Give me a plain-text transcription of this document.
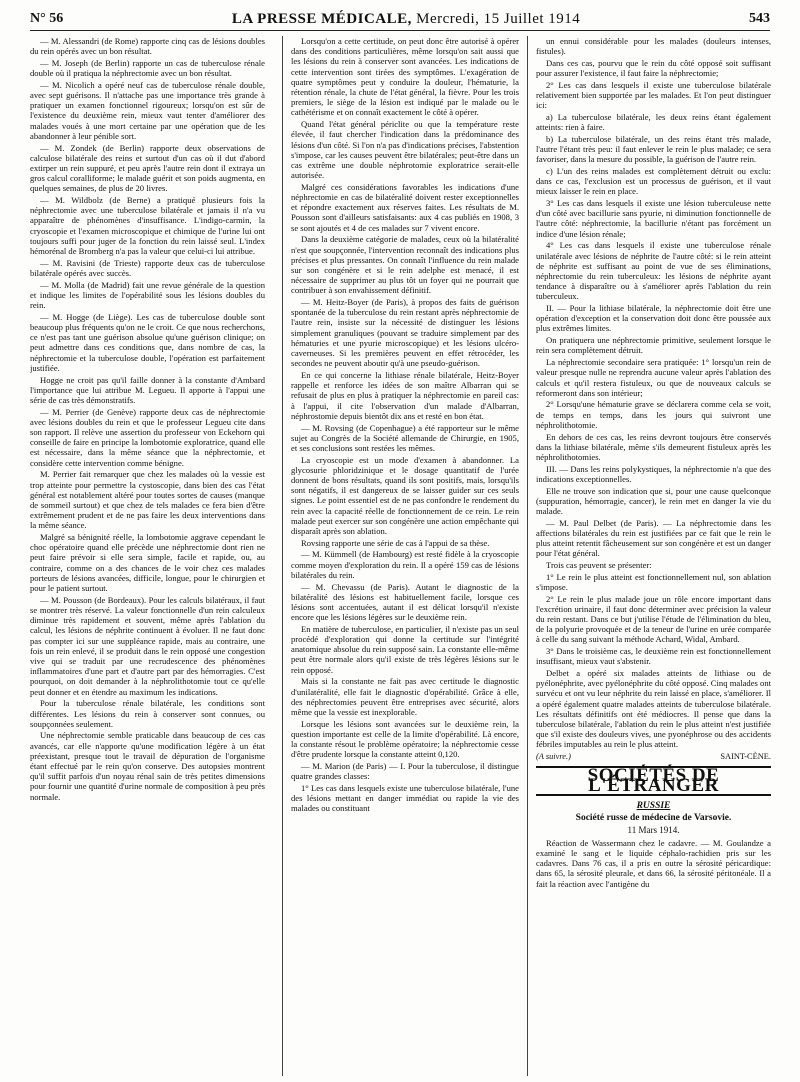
N° 56	LA PRESSE MÉDICALE, Mercredi, 15 Juillet 1914	543

— M. Alessandri (de Rome) rapporte cinq cas de lésions doubles du rein opérés avec un bon résultat.

— M. Joseph (de Berlin) rapporte un cas de tuberculose rénale double où il pratiqua la néphrectomie avec un bon résultat.

— M. Nicolich a opéré neuf cas de tuberculose rénale double, avec sept guérisons. Il n'attache pas une importance très grande à pratiquer un examen fonctionnel rigoureux; lorsqu'on est sûr de l'existence du deuxième rein, mieux vaut tenter d'améliorer des malades voués à une mort certaine par une opération que de les abandonner à leur pénible sort.

— M. Zondek (de Berlin) rapporte deux observations de calculose bilatérale des reins et surtout d'un cas où il dut d'abord extirper un rein suppuré, et peu après l'autre rein dont il extraya un gros calcul coralliforme; le malade guérit et son poids augmenta, en quelques semaines, de plus de 20 livres.

— M. Wildbolz (de Berne) a pratiqué plusieurs fois la néphrectomie avec une tuberculose bilatérale et jamais il n'a vu apparaître de phénomènes d'insuffisance. L'indigo-carmin, la cryoscopie et l'examen microscopique et chimique de l'urine lui ont toujours suffi pour juger de la fonction du rein laissé seul. L'index hémorénal de Bromberg n'a pas la valeur que celui-ci lui attribue.

— M. Ravisini (de Trieste) rapporte deux cas de tuberculose bilatérale opérés avec succès.

— M. Molla (de Madrid) fait une revue générale de la question et indique les limites de l'opérabilité sous les lésions doubles du rein.

— M. Hogge (de Liège). Les cas de tuberculose double sont beaucoup plus fréquents qu'on ne le croit. Ce que nous recherchons, ce n'est pas tant une guérison absolue qu'une guérison clinique; on peut admettre dans ces conditions que, dans nombre de cas, la néphrectomie et la tuberculose double, l'opération est parfaitement justifiée.

Hogge ne croit pas qu'il faille donner à la constante d'Ambard l'importance que lui attribue M. Legueu. Il apporte à l'appui une série de cas très démonstratifs.

— M. Perrier (de Genève) rapporte deux cas de néphrectomie avec lésions doubles du rein et que le professeur Legueu cite dans son rapport. Il relève une assertion du professeur von Eckehorn qui conseille de faire en principe la lombotomie exploratrice, quand elle est nécessaire, dans la même séance que la néphrectomie, et considère cette intervention comme bénigne.

M. Perrier fait remarquer que chez les malades où la vessie est trop atteinte pour permettre la cystoscopie, dans bien des cas l'état général est notablement altéré pour toutes sortes de causes (manque de sommeil surtout) et que chez de tels malades ce fera bien d'être extrêmement prudent et de ne pas faire les deux interventions dans la même séance.

Malgré sa bénignité réelle, la lombotomie aggrave cependant le choc opératoire quand elle précède une néphrectomie dont rien ne peut faire prévoir si elle sera simple, facile et rapide, ou, au contraire, comme on a des chances de le voir chez ces malades porteurs de lésions avancées, difficile, longue, pour le chirurgien et pour le patient surtout.

— M. Pousson (de Bordeaux). Pour les calculs bilatéraux, il faut se montrer très réservé. La valeur fonctionnelle d'un rein calculeux diminue très rapidement et souvent, même après l'ablation du calcul, les lésions de néphrite continuent à évoluer. Il ne faut donc pas compter ici sur une suppléance rapide, mais au contraire, une fois un rein enlevé, il se produit dans le rein opposé une congestion vive qui se traduit par une recrudescence des phénomènes inflammatoires d'une part et d'autre part par des hémorragies. C'est pourquoi, on doit demander à la néphrolithotomie tout ce qu'elle peut donner et en étendre au maximum les indications.

Pour la tuberculose rénale bilatérale, les conditions sont différentes. Les lésions du rein à conserver sont connues, ou soupçonnées seulement.

Une néphrectomie semble praticable dans beaucoup de ces cas avancés, car elle n'apporte qu'une modification légère à un état préexistant, presque tout le travail de dépuration de l'organisme étant effectué par le rein qu'on conserve. Des autopsies montrent qu'il suffit parfois d'un noyau rénal sain de très petites dimensions pour fournir une quantité d'urine normale de composition à peu près normale.

Lorsqu'on a cette certitude, on peut donc être autorisé à opérer dans des conditions particulières, même lorsqu'on sait aussi que les lésions du rein à conserver sont avancées. Les indications de cette intervention sont tirées des symptômes. L'exagération de quatre symptômes peut y conduire la douleur, l'hématurie, la rétention rénale, la chute de l'état général, la fièvre. Pour les trois premiers, le siège de la lésion est indiqué par le malade ou le cathétérisme et on connaît exactement le côté à opérer.

Quand l'état général périclite ou que la température reste élevée, il faut chercher l'indication dans la prédominance des lésions d'un côté. Si l'on n'a pas d'indications précises, l'abstention s'impose, car les causes peuvent être bilatérales; peut-être dans un cas extrême une double néphrotomie exploratrice serait-elle autorisée.

Malgré ces considérations favorables les indications d'une néphrectomie en cas de bilatéralité doivent rester exceptionnelles et répondre exactement aux réserves faites. Les résultats de M. Pousson sont d'ailleurs satisfaisants: aux 4 cas publiés en 1908, 3 se sont ajoutés et 4 de ces malades sur 7 vivent encore.

Dans la deuxième catégorie de malades, ceux où la bilatéralité n'est que soupçonnée, l'intervention reconnaît des indications plus précises et plus pressantes. On connaît l'influence du rein malade sur son congénère et si le rein adelphe est menacé, il est nécessaire de supprimer au plus tôt un foyer qui ne pourrait que contribuer à son envahissement définitif.

— M. Heitz-Boyer (de Paris), à propos des faits de guérison spontanée de la tuberculose du rein restant après néphrectomie de l'autre rein, insiste sur la nécessité de distinguer les lésions simplement granuliques (pouvant se traduire simplement par des hématuries et une pyurie microscopique) et les lésions ulcéro-caverneuses. Si les premières peuvent en effet rétrocéder, les secondes ne peuvent aboutir qu'à une pseudo-guérison.

En ce qui concerne la lithiase rénale bilatérale, Heitz-Boyer rappelle et renforce les idées de son maître Albarran qui se refusait de plus en plus à pratiquer la néphrectomie en pareil cas: à l'appui, il cite l'observation d'un malade d'Albarran, néphrostomie depuis bientôt dix ans et resté en bon état.

— M. Rovsing (de Copenhague) a été rapporteur sur le même sujet au Congrès de la Société allemande de Chirurgie, en 1905, et ses conclusions sont restées les mêmes.

La cryoscopie est un mode d'examen à abandonner. La glycosurie phloridzinique et le dosage quantitatif de l'urée donnent de bons résultats, quand ils sont positifs, mais, lorsqu'ils sont négatifs, il est dangereux de se laisser guider sur ces seuls signes. Le point essentiel est de ne pas confondre le rendement du rein avec la capacité réelle de fonctionnement de ce rein. Le rein malade peut exercer sur son congénère une action empêchante qui disparaît après son ablation.

Rovsing rapporte une série de cas à l'appui de sa thèse.

— M. Kümmell (de Hambourg) est resté fidèle à la cryoscopie comme moyen d'exploration du rein. Il a opéré 159 cas de lésions bilatérales du rein.

— M. Chevassu (de Paris). Autant le diagnostic de la bilatéralité des lésions est habituellement facile, lorsque ces lésions sont accentuées, autant il est délicat lorsqu'il n'existe encore que les lésions légères sur le deuxième rein.

En matière de tuberculose, en particulier, il n'existe pas un seul procédé d'exploration qui donne la certitude sur l'intégrité anatomique absolue du rein supposé sain. La constante elle-même peut être normale alors qu'il existe de très légères lésions sur le rein opposé.

Mais si la constante ne fait pas avec certitude le diagnostic d'unilatéralité, elle fait le diagnostic d'opérabilité. Grâce à elle, des néphrectomies peuvent être entreprises avec sécurité, alors même que la vessie est inexplorable.

Lorsque les lésions sont avancées sur le deuxième rein, la question importante est celle de la limite d'opérabilité. Là encore, la constante résout le problème opératoire; la néphrectomie cesse d'être prudente lorsque la constante atteint 0,120.

— M. Marion (de Paris) — I. Pour la tuberculose, il distingue quatre grandes classes:

1° Les cas dans lesquels existe une tuberculose bilatérale, l'une des lésions mettant en danger immédiat ou rapide la vie des malades ou constituant

un ennui considérable pour les malades (douleurs intenses, fistules).

Dans ces cas, pourvu que le rein du côté opposé soit suffisant pour assurer l'existence, il faut faire la néphrectomie;

2° Les cas dans lesquels il existe une tuberculose bilatérale relativement bien supportée par les malades. Et l'on peut distinguer ici:

a) La tuberculose bilatérale, les deux reins étant également atteints: rien à faire.

b) La tuberculose bilatérale, un des reins étant très malade, l'autre l'étant très peu: il faut enlever le rein le plus malade; ce sera favoriser, dans la mesure du possible, la guérison de l'autre rein.

c) L'un des reins malades est complètement détruit ou exclu: dans ce cas, l'exclusion est un processus de guérison, et il vaut mieux laisser le rein en place.

3° Les cas dans lesquels il existe une lésion tuberculeuse nette d'un côté avec bacillurie sans pyurie, ni diminution fonctionnelle de l'autre côté: néphrectomie, la bacillurie n'étant pas forcément un indice d'une lésion rénale;

4° Les cas dans lesquels il existe une tuberculose rénale unilatérale avec lésions de néphrite de l'autre côté: si le rein atteint de néphrite est suffisant au point de vue de ses éliminations, néphrectomie du rein tuberculeux: les lésions de néphrite ayant tendance à disparaître ou à s'améliorer après l'ablation du rein tuberculeux.

II. — Pour la lithiase bilatérale, la néphrectomie doit être une opération d'exception et la conservation doit donc être poussée aux plus extrêmes limites.

On pratiquera une néphrectomie primitive, seulement lorsque le rein sera complètement détruit.

La néphrectomie secondaire sera pratiquée: 1° lorsqu'un rein de valeur presque nulle ne reprendra aucune valeur après l'ablation des calculs et qu'il restera fistuleux, ou que de nouveaux calculs se reformeront dans son intérieur;

2° Lorsqu'une hématurie grave se déclarera comme cela se voit, de temps en temps, dans les jours qui suivront une néphrolithotomie.

En dehors de ces cas, les reins devront toujours être conservés dans la lithiase bilatérale, même s'ils demeurent fistuleux après les néphrolithotomies.

III. — Dans les reins polykystiques, la néphrectomie n'a que des indications exceptionnelles.

Elle ne trouve son indication que si, pour une cause quelconque (suppuration, hémorragie, cancer), le rein met en danger la vie du malade.

— M. Paul Delbet (de Paris). — La néphrectomie dans les affections bilatérales du rein est justifiées par ce fait que le rein le plus atteint retentit fâcheusement sur son congénère et est un danger pour l'état général.

Trois cas peuvent se présenter:

1° Le rein le plus atteint est fonctionnellement nul, son ablation s'impose.

2° Le rein le plus malade joue un rôle encore important dans l'excrétion urinaire, il faut donc déterminer avec précision la valeur du rein restant. Dans ce but j'utilise l'étude de l'élimination du bleu, de la polyurie provoquée et de la teneur de l'urine en urée comparée à celle du sang suivant la méthode Achard, Widal, Ambard.

3° Dans le troisième cas, le deuxième rein est fonctionnellement insuffisant, mieux vaut s'abstenir.

Delbet a opéré six malades atteints de lithiase ou de pyélonéphrite, avec pyélonéphrite du côté opposé. Cinq malades ont survécu et ont vu leur néphrite du rein laissé en place, s'améliorer. Il a opéré également quatre malades atteints de tuberculose bilatérale. Les résultats définitifs ont été médiocres. Il pense que dans la tuberculose bilatérale, l'ablation du rein le plus atteint n'est justifiée que s'il existe des douleurs vives, une pyonéphrose ou des accidents fébriles imputables au rein le plus atteint.

(A suivre.)	SAINT-CÈNE.
SOCIÉTÉS DE L'ÉTRANGER
RUSSIE
Société russe de médecine de Varsovie.
11 Mars 1914.

Réaction de Wassermann chez le cadavre. — M. Goulandze a examiné le sang et le liquide céphalo-rachidien pris sur les cadavres. Dans 76 cas, il a pris en outre la sérosité péricardique: dans 65, la sérosité pleurale, et dans 66, la sérosité péritonéale. Il a fait la réaction avec l'antigène du
